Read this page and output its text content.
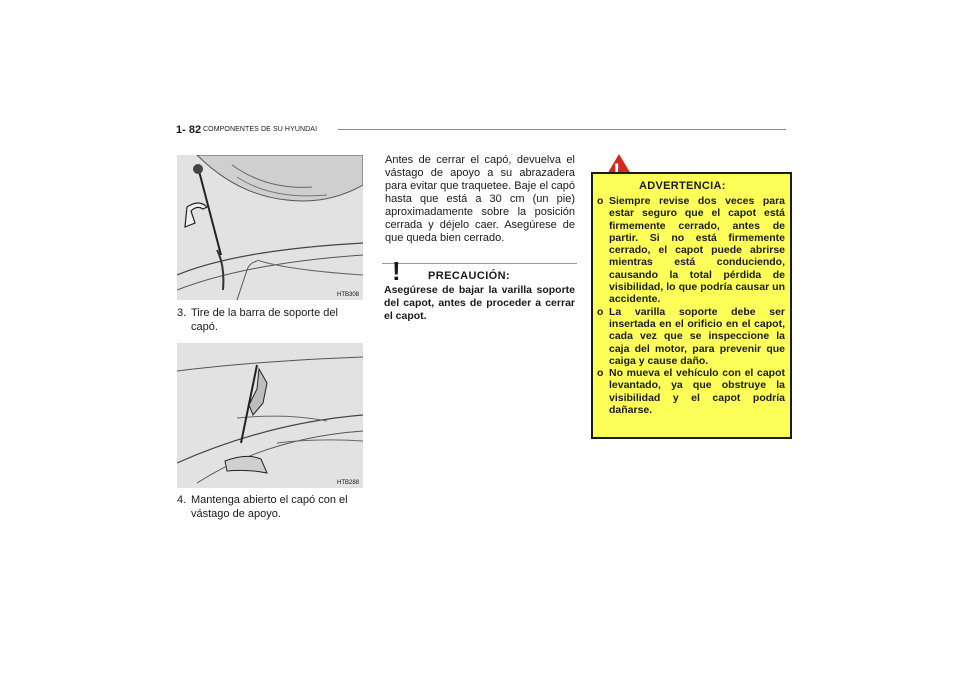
1- 82 COMPONENTES DE SU HYUNDAI
HTB308
3. Tire de la barra de soporte del
capó.
HTB288
4. Mantenga abierto el capó con el
vástago de apoyo.
Antes de cerrar el capó, devuelva el vástago de apoyo a su abrazadera para evitar que traquetee. Baje el capó hasta que está a 30 cm (un pie) aproximadamente sobre la posición cerrada y déjelo caer. Asegúrese de que queda bien cerrado.
! PRECAUCIÓN:
Asegúrese de bajar la varilla soporte del capot, antes de proceder a cerrar el capot.
ADVERTENCIA:
o Siempre revise dos veces para estar seguro que el capot está firmemente cerrado, antes de partir. Si no está firmemente cerrado, el capot puede abrirse mientras está conduciendo, causando la total pérdida de visibilidad, lo que podría causar un accidente.
o La varilla soporte debe ser insertada en el orificio en el capot, cada vez que se inspeccione la caja del motor, para prevenir que caiga y cause daño.
o No mueva el vehículo con el capot levantado, ya que obstruye la visibilidad y el capot podría dañarse.
